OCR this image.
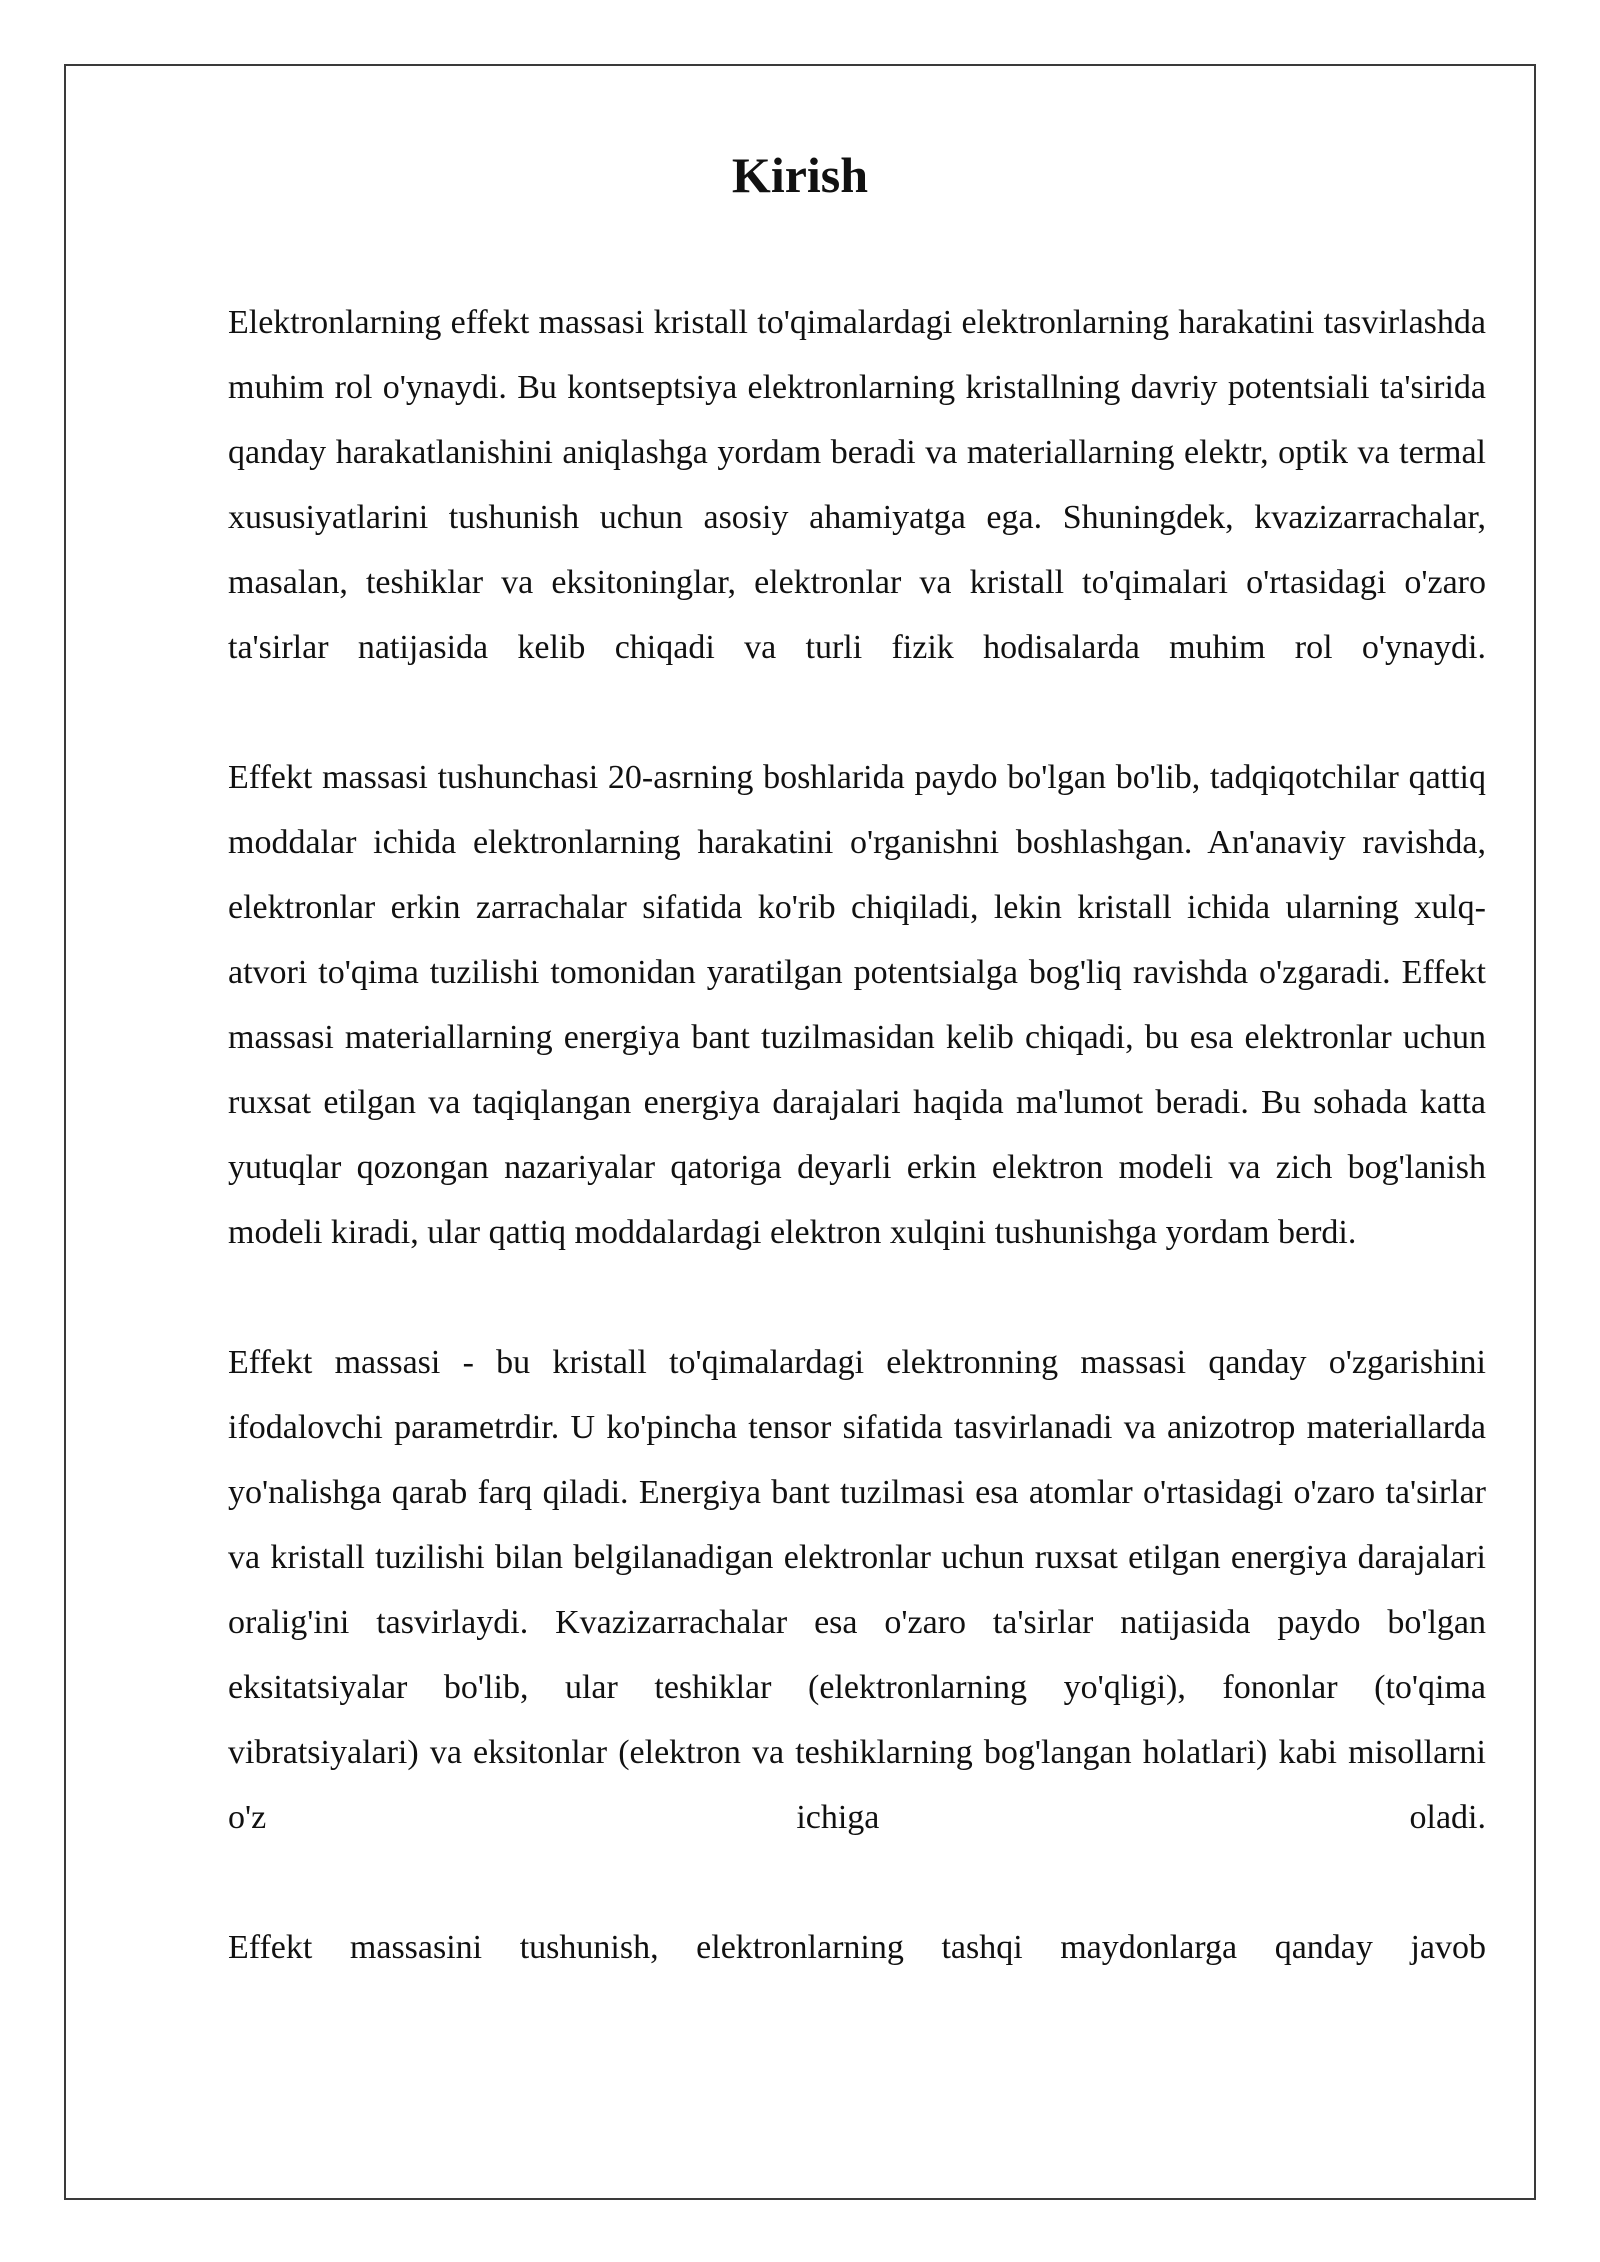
Kirish

Elektronlarning effekt massasi kristall to'qimalardagi elektronlarning harakatini tasvirlashda muhim rol o'ynaydi. Bu kontseptsiya elektronlarning kristallning davriy potentsiali ta'sirida qanday harakatlanishini aniqlashga yordam beradi va materiallarning elektr, optik va termal xususiyatlarini tushunish uchun asosiy ahamiyatga ega. Shuningdek, kvazizarrachalar, masalan, teshiklar va eksitoninglar, elektronlar va kristall to'qimalari o'rtasidagi o'zaro ta'sirlar natijasida kelib chiqadi va turli fizik hodisalarda muhim rol o'ynaydi.

Effekt massasi tushunchasi 20-asrning boshlarida paydo bo'lgan bo'lib, tadqiqotchilar qattiq moddalar ichida elektronlarning harakatini o'rganishni boshlashgan. An'anaviy ravishda, elektronlar erkin zarrachalar sifatida ko'rib chiqiladi, lekin kristall ichida ularning xulq-atvori to'qima tuzilishi tomonidan yaratilgan potentsialga bog'liq ravishda o'zgaradi. Effekt massasi materiallarning energiya bant tuzilmasidan kelib chiqadi, bu esa elektronlar uchun ruxsat etilgan va taqiqlangan energiya darajalari haqida ma'lumot beradi. Bu sohada katta yutuqlar qozongan nazariyalar qatoriga deyarli erkin elektron modeli va zich bog'lanish modeli kiradi, ular qattiq moddalardagi elektron xulqini tushunishga yordam berdi.

Effekt massasi - bu kristall to'qimalardagi elektronning massasi qanday o'zgarishini ifodalovchi parametrdir. U ko'pincha tensor sifatida tasvirlanadi va anizotrop materiallarda yo'nalishga qarab farq qiladi. Energiya bant tuzilmasi esa atomlar o'rtasidagi o'zaro ta'sirlar va kristall tuzilishi bilan belgilanadigan elektronlar uchun ruxsat etilgan energiya darajalari oralig'ini tasvirlaydi. Kvazizarrachalar esa o'zaro ta'sirlar natijasida paydo bo'lgan eksitatsiyalar bo'lib, ular teshiklar (elektronlarning yo'qligi), fononlar (to'qima vibratsiyalari) va eksitonlar (elektron va teshiklarning bog'langan holatlari) kabi misollarni o'z ichiga oladi.

Effekt massasini tushunish, elektronlarning tashqi maydonlarga qanday javob
